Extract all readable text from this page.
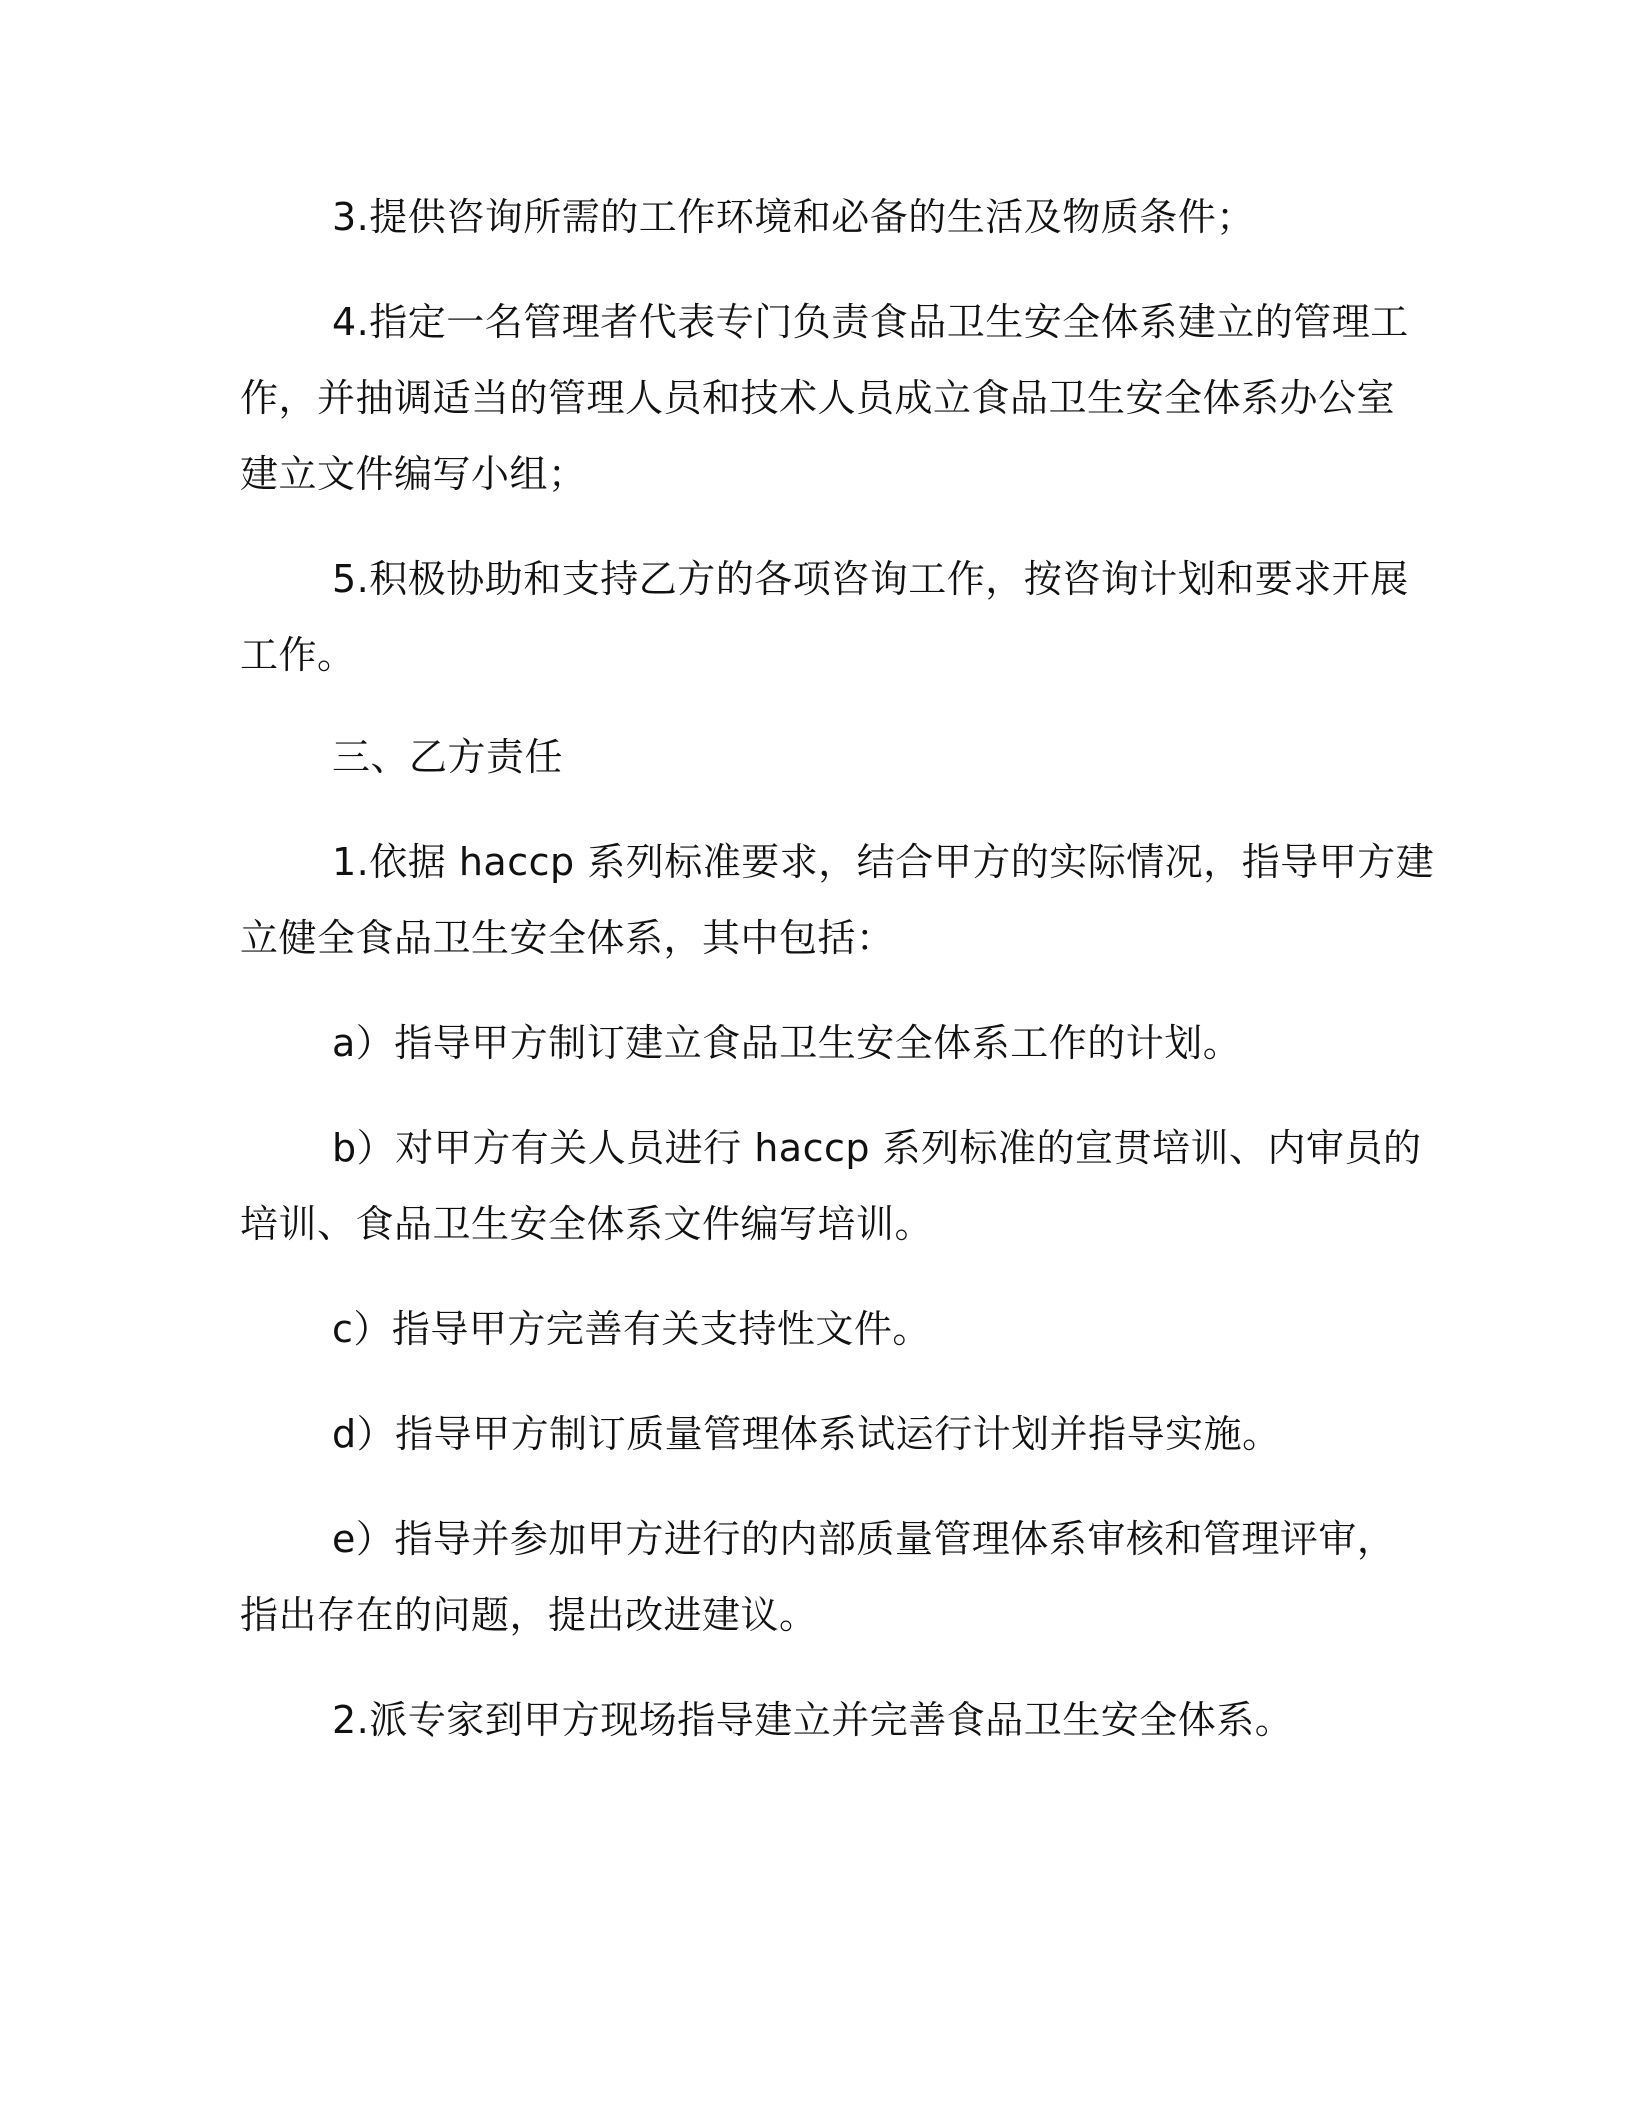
3.提供咨询所需的工作环境和必备的生活及物质条件；
4.指定一名管理者代表专门负责食品卫生安全体系建立的管理工
作，并抽调适当的管理人员和技术人员成立食品卫生安全体系办公室
建立文件编写小组；
5.积极协助和支持乙方的各项咨询工作，按咨询计划和要求开展
工作。
三、乙方责任
1.依据 haccp 系列标准要求，结合甲方的实际情况，指导甲方建
立健全食品卫生安全体系，其中包括：
a）指导甲方制订建立食品卫生安全体系工作的计划。
b）对甲方有关人员进行 haccp 系列标准的宣贯培训、内审员的
培训、食品卫生安全体系文件编写培训。
c）指导甲方完善有关支持性文件。
d）指导甲方制订质量管理体系试运行计划并指导实施。
e）指导并参加甲方进行的内部质量管理体系审核和管理评审，
指出存在的问题，提出改进建议。
2.派专家到甲方现场指导建立并完善食品卫生安全体系。
